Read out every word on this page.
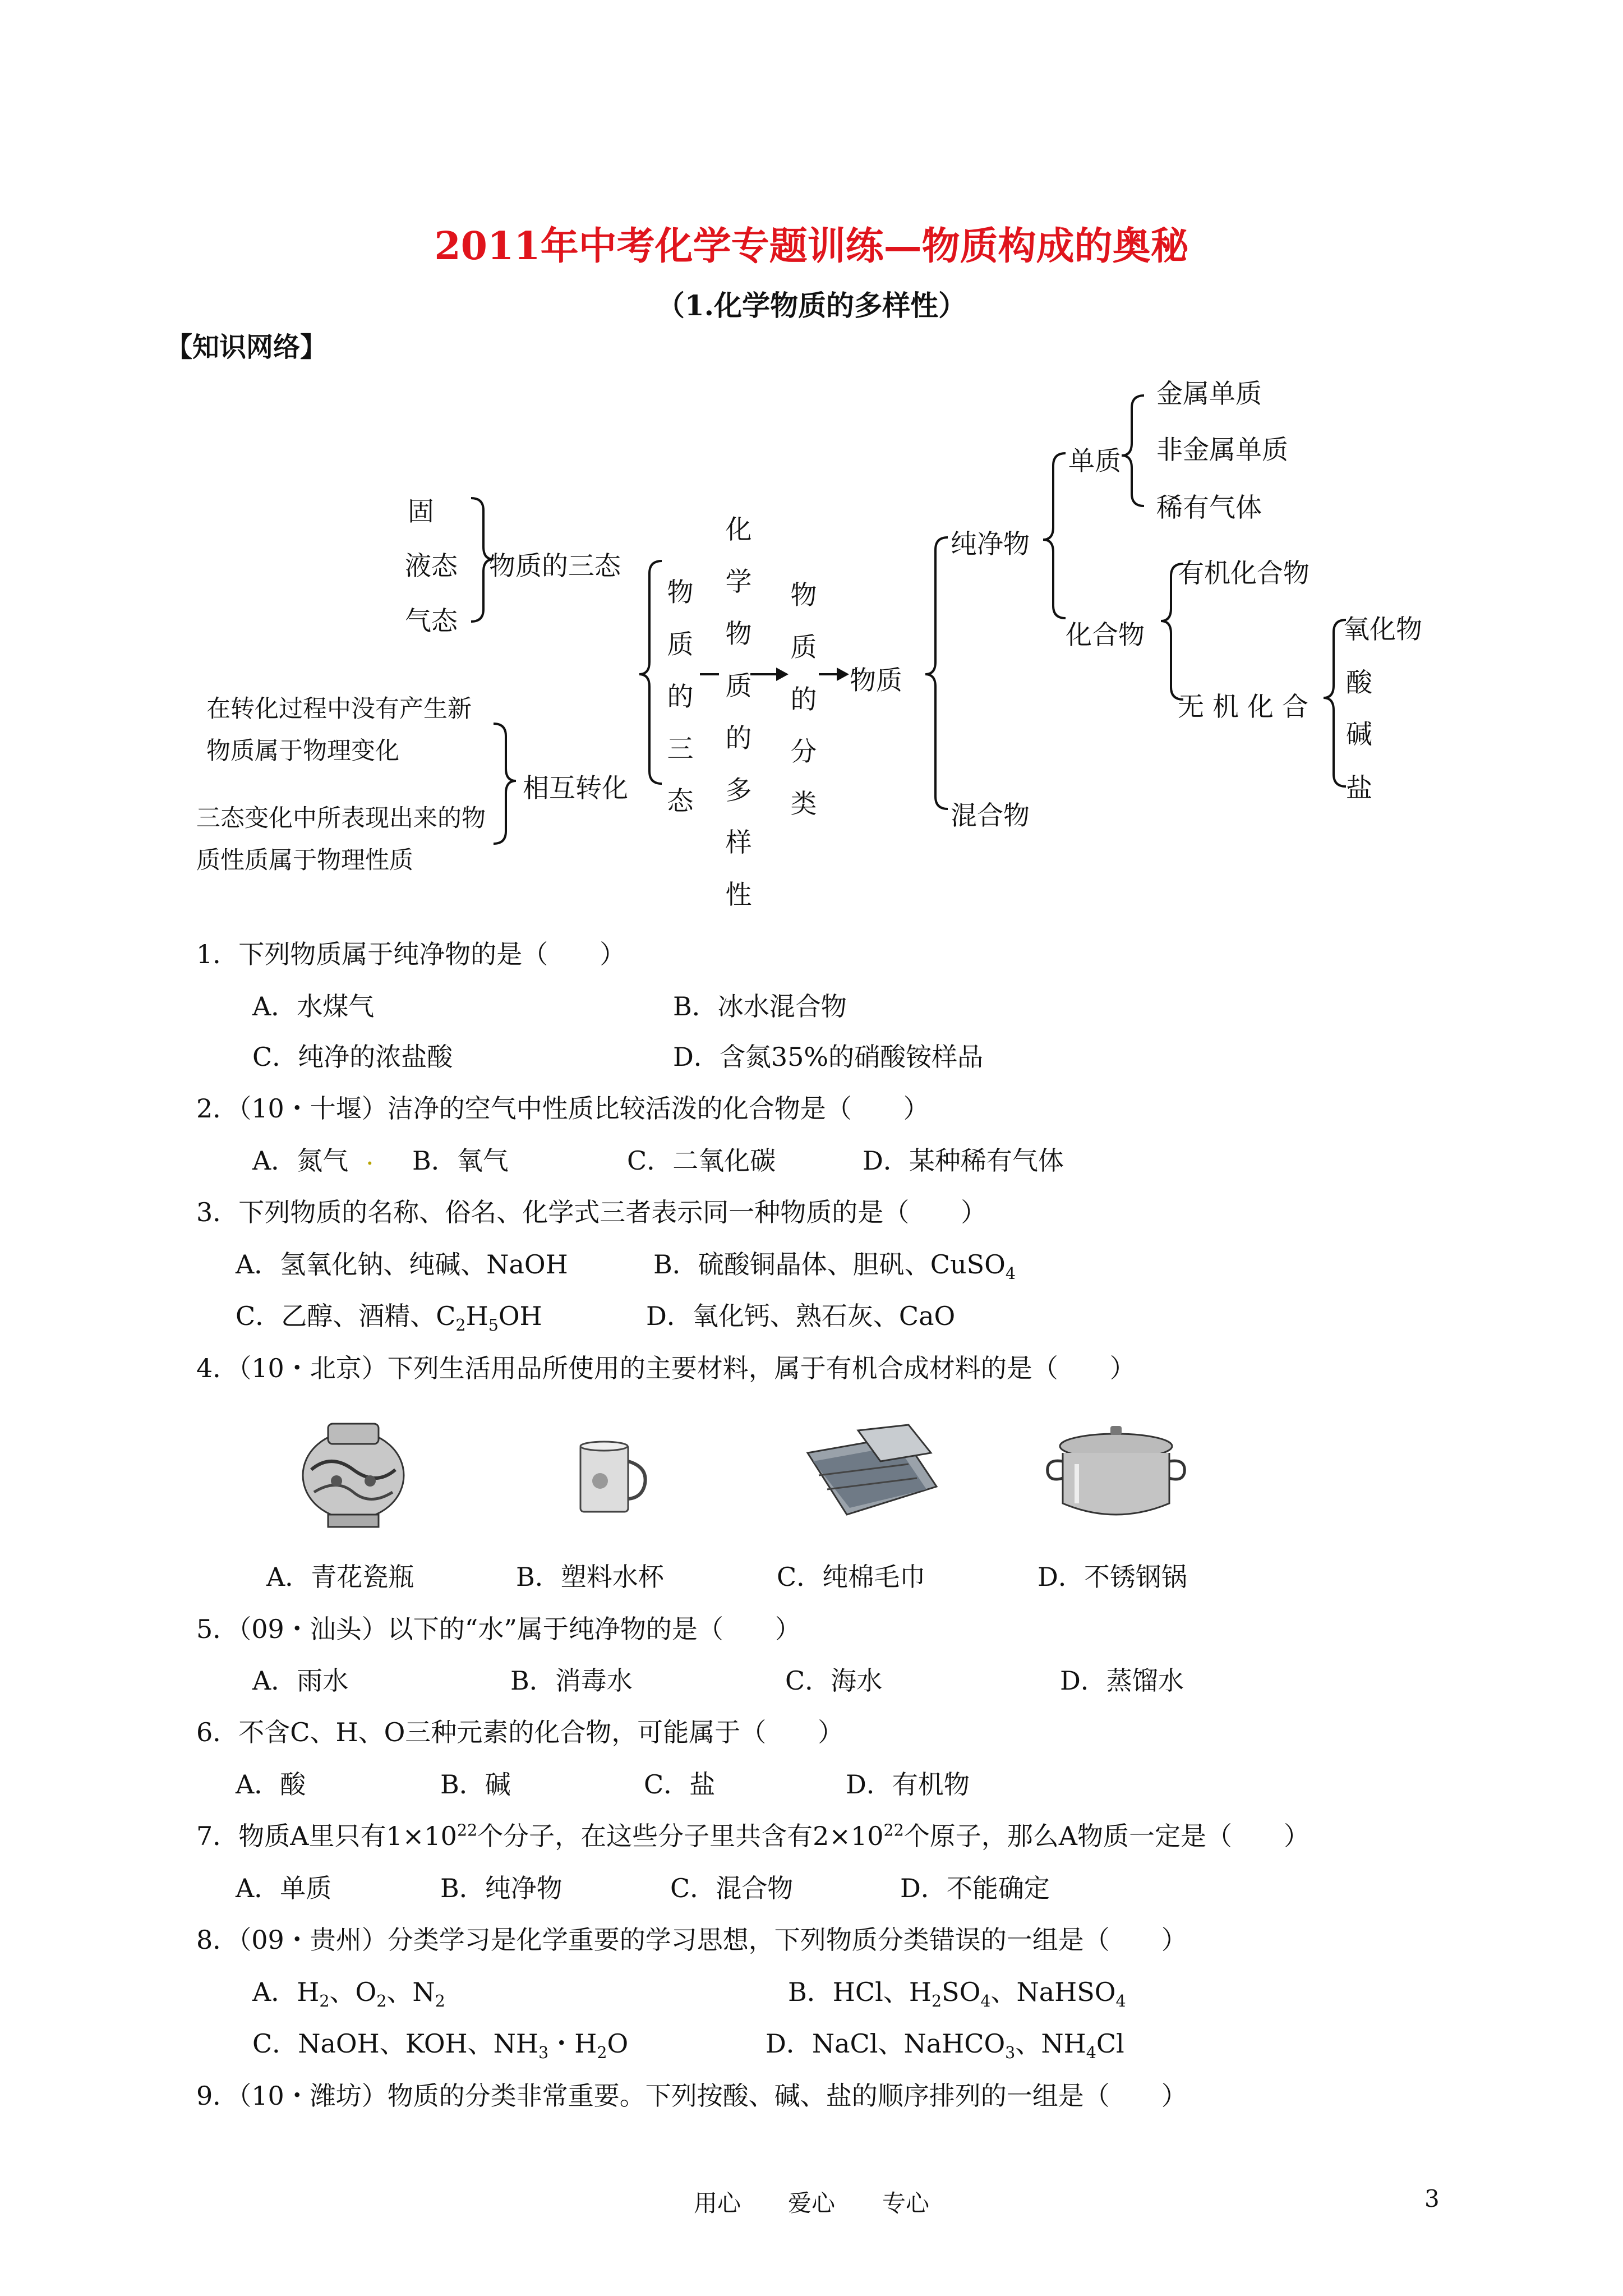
2011年中考化学专题训练—物质构成的奥秘
（1.化学物质的多样性）
【知识网络】
固
液态
气态
物质的三态
在转化过程中没有产生新
物质属于物理变化
三态变化中所表现出来的物
质性质属于物理性质
相互转化
物质的三态
化学物质的多样性
物质的分类
物质
纯净物
混合物
单质
化合物
金属单质
非金属单质
稀有气体
有机化合物
无 机 化 合
氧化物
酸
碱
盐
1．下列物质属于纯净物的是（　　）
A．水煤气	B．冰水混合物
C．纯净的浓盐酸	D．含氮35%的硝酸铵样品
2．（10・十堰）洁净的空气中性质比较活泼的化合物是（　　）
A．氮气 . B．氧气	C．二氧化碳	D．某种稀有气体
3．下列物质的名称、俗名、化学式三者表示同一种物质的是（　　）
A．氢氧化钠、纯碱、NaOH	B．硫酸铜晶体、胆矾、CuSO$_4$
C．乙醇、酒精、$C_2H_5OH$	D．氧化钙、熟石灰、CaO
4．（10・北京）下列生活用品所使用的主要材料，属于有机合成材料的是（　　）
A．青花瓷瓶	B．塑料水杯	C．纯棉毛巾	D．不锈钢锅
5．（09・汕头）以下的“水”属于纯净物的是（　　）
A．雨水	B．消毒水	C．海水	D．蒸馏水
6．不含C、H、O三种元素的化合物，可能属于（　　）
A．酸	B．碱	C．盐	D．有机物
7．物质A里只有$1\times 10^{22}$个分子，在这些分子里共含有$2\times 10^{22}$个原子，那么A物质一定是（　　）
A．单质	B．纯净物	C．混合物	D．不能确定
8．（09・贵州）分类学习是化学重要的学习思想，下列物质分类错误的一组是（　　）
A．$H_2$、$O_2$、$N_2$	B．HCl、$H_2SO_4$、NaHSO$_4$
C．NaOH、KOH、$NH_3$・$H_2O$	D．NaCl、NaHCO$_3$、$NH_4Cl$
9．（10・潍坊）物质的分类非常重要。下列按酸、碱、盐的顺序排列的一组是（　　）
用心　　爱心　　专心	3
